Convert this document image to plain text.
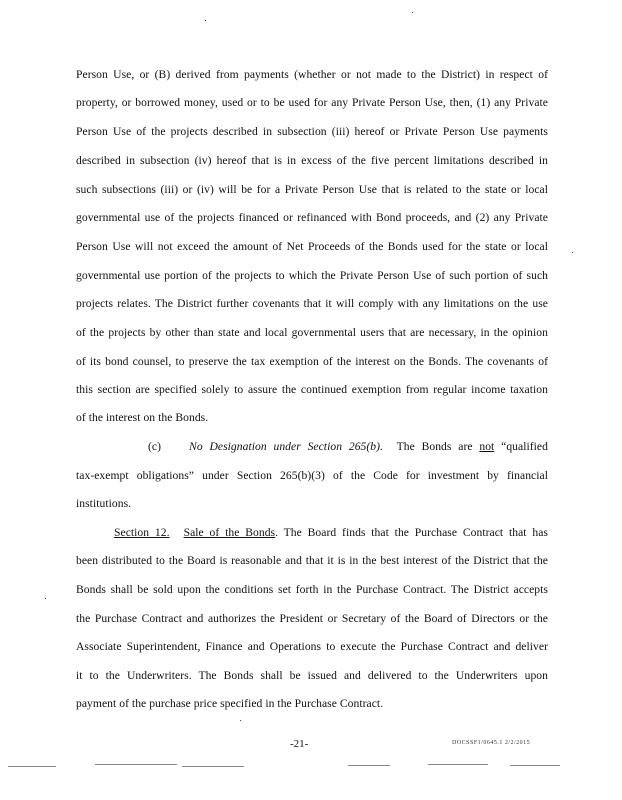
Person Use, or (B) derived from payments (whether or not made to the District) in respect of
property, or borrowed money, used or to be used for any Private Person Use, then, (1) any Private
Person Use of the projects described in subsection (iii) hereof or Private Person Use payments
described in subsection (iv) hereof that is in excess of the five percent limitations described in
such subsections (iii) or (iv) will be for a Private Person Use that is related to the state or local
governmental use of the projects financed or refinanced with Bond proceeds, and (2) any Private
Person Use will not exceed the amount of Net Proceeds of the Bonds used for the state or local
governmental use portion of the projects to which the Private Person Use of such portion of such
projects relates. The District further covenants that it will comply with any limitations on the use
of the projects by other than state and local governmental users that are necessary, in the opinion
of its bond counsel, to preserve the tax exemption of the interest on the Bonds. The covenants of
this section are specified solely to assure the continued exemption from regular income taxation
of the interest on the Bonds.
(c) No Designation under Section 265(b). The Bonds are not “qualified
tax-exempt obligations” under Section 265(b)(3) of the Code for investment by financial
institutions.
Section 12. Sale of the Bonds. The Board finds that the Purchase Contract that has
been distributed to the Board is reasonable and that it is in the best interest of the District that the
Bonds shall be sold upon the conditions set forth in the Purchase Contract. The District accepts
the Purchase Contract and authorizes the President or Secretary of the Board of Directors or the
Associate Superintendent, Finance and Operations to execute the Purchase Contract and deliver
it to the Underwriters. The Bonds shall be issued and delivered to the Underwriters upon
payment of the purchase price specified in the Purchase Contract.
-21-	DOCSSF1/0645.1 2/2/2015
